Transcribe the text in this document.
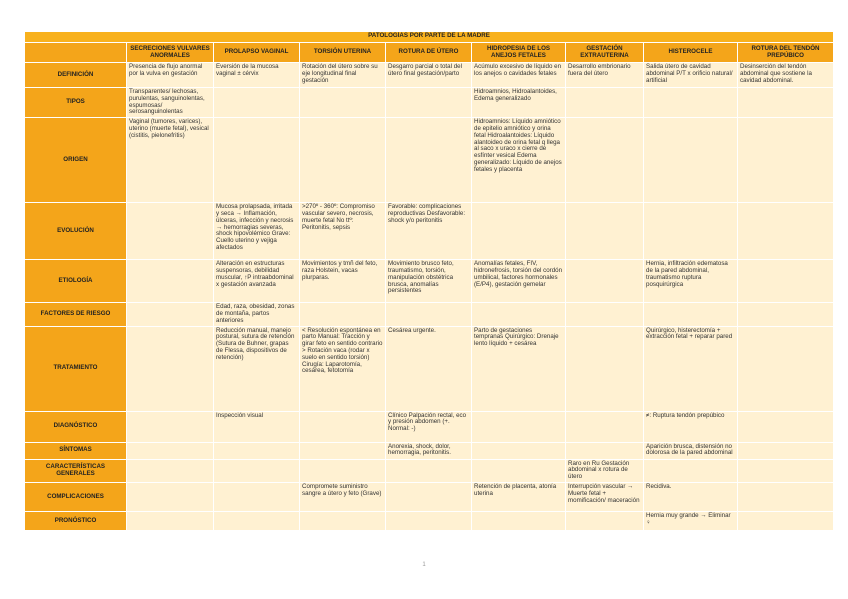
PATOLOGÍAS POR PARTE DE LA MADRE								
	SECRECIONES VULVARES ANORMALES	PROLAPSO VAGINAL	TORSIÓN UTERINA	ROTURA DE ÚTERO	HIDROPESIA DE LOS ANEJOS FETALES	GESTACIÓN EXTRAUTERINA	HISTEROCELE	ROTURA DEL TENDÓN PREPÚBICO
DEFINICIÓN	Presencia de flujo anormal por la vulva en gestación	Eversión de la mucosa vaginal ± cérvix	Rotación del útero sobre su eje longitudinal final gestación	Desgarro parcial o total del útero final gestación/parto	Acúmulo excesivo de líquido en los anejos o cavidades fetales	Desarrollo embrionario fuera del útero	Salida útero de cavidad abdominal P/T x orificio natural/ artificial	Desinserción del tendón abdominal que sostiene la cavidad abdominal.
TIPOS	Transparentes/ lechosas, purulentas, sanguinolentas, espumosas/ serosanguinolentas				Hidroamnios, Hidroalantoides, Edema generalizado			
ORIGEN	Vaginal (tumores, varices), uterino (muerte fetal), vesical (cistitis, pielonefritis)				Hidroamnios: Líquido amniótico de epitelio amniótico y orina fetal Hidroalantoides: Líquido alantoideo de orina fetal q llega al saco x uraco x cierre de esfínter vesical Edema generalizado: Líquido de anejos fetales y placenta			
EVOLUCIÓN		Mucosa prolapsada, irritada y seca → Inflamación, úlceras, infección y necrosis → hemorragias severas, shock hipovolémico Grave: Cuello uterino y vejiga afectados	>270º - 360º: Compromiso vascular severo, necrosis, muerte fetal No ttº: Peritonitis, sepsis	Favorable: complicaciones reproductivas Desfavorable: shock y/o peritonitis				
ETIOLOGÍA		Alteración en estructuras suspensoras, debilidad muscular, ↑P intraabdominal x gestación avanzada	Movimientos y tmñ del feto, raza Holstein, vacas plurparas.	Movimiento brusco feto, traumatismo, torsión, manipulación obstétrica brusca, anomalías persistentes	Anomalías fetales, FIV, hidronefrosis, torsión del cordón umbilical, factores hormonales (E/P4), gestación gemelar		Hernia, infiltración edematosa de la pared abdominal, traumatismo ruptura posquirúrgica	
FACTORES DE RIESGO		Edad, raza, obesidad, zonas de montaña, partos anteriores						
TRATAMIENTO		Reducción manual, manejo postural, sutura de retención (Sutura de Buhner, grapas de Flessa, dispositivos de retención)	< Resolución espontánea en parto Manual: Tracción y girar feto en sentido contrario > Rotación vaca (rodar x suelo en sentido torsión) Cirugía: Laparotomía, cesárea, fetotomía	Cesárea urgente.	Parto de gestaciones tempranas Quirúrgico: Drenaje lento líquido + cesárea		Quirúrgico, histerectomía + extracción fetal + reparar pared	
DIAGNÓSTICO		Inspección visual		Clínico Palpación rectal, eco y presión abdomen (+. Normal: -)			≠: Ruptura tendón prepúbico	
SÍNTOMAS				Anorexia, shock, dolor, hemorragia, peritonitis.			Aparición brusca, distensión no dolorosa de la pared abdominal	
CARACTERÍSTICAS GENERALES						Raro en Ru Gestación abdominal x rotura de útero		
COMPLICACIONES			Compromete suministro sangre a útero y feto (Grave)		Retención de placenta, atonía uterina	Interrupción vascular → Muerte fetal + momificación/ maceración	Recidiva.	
PRONÓSTICO							Hernia muy grande → Eliminar ♀	
1
